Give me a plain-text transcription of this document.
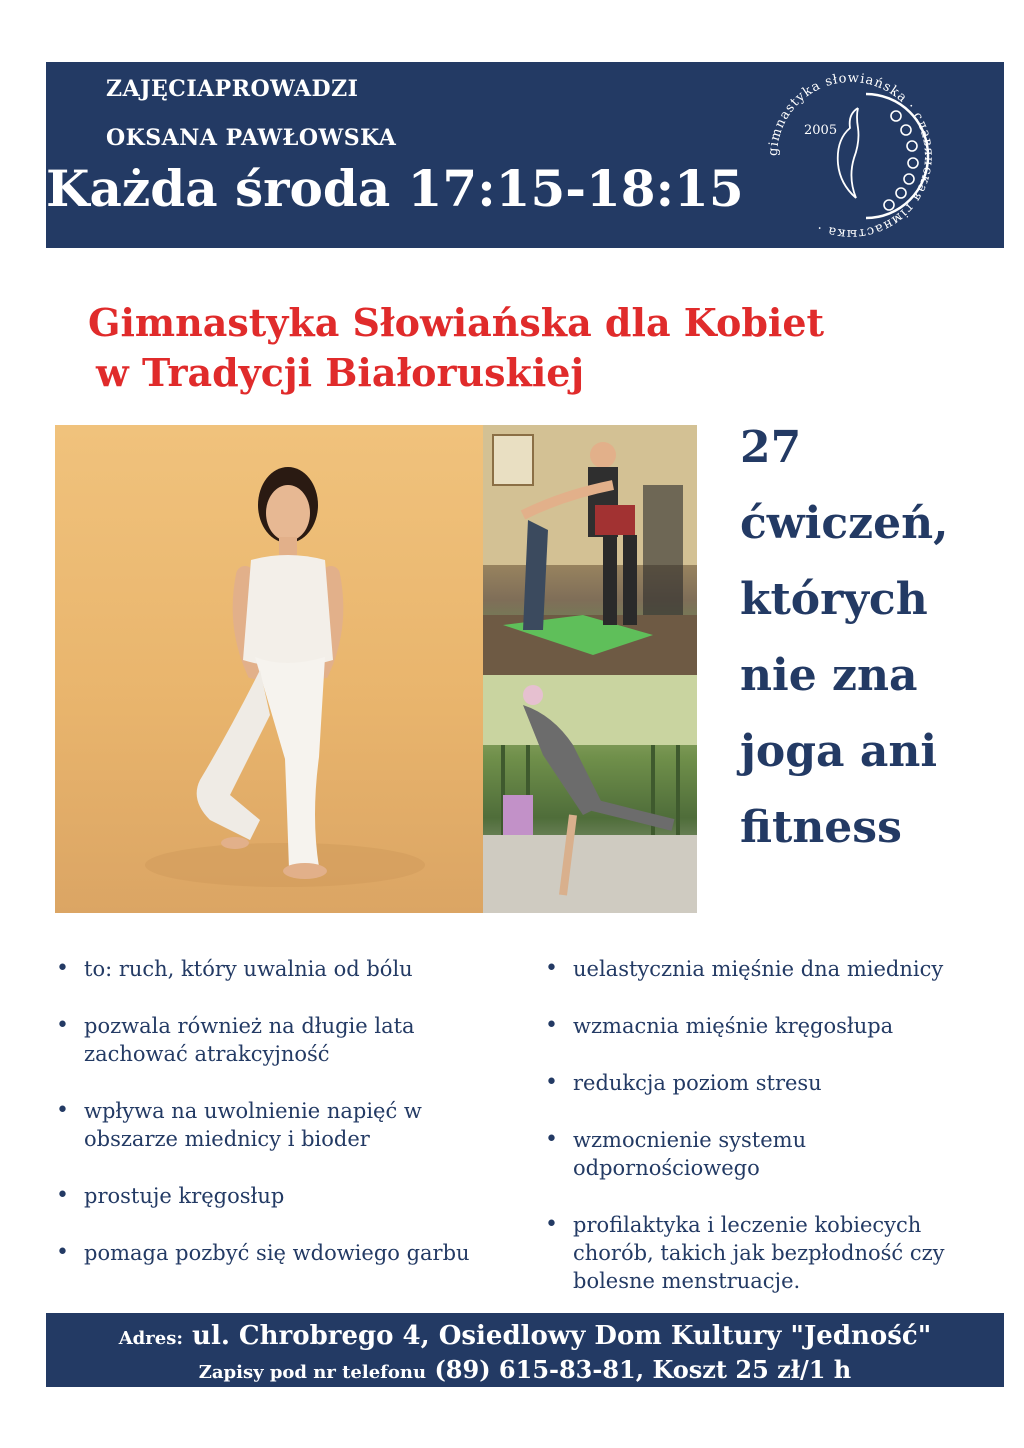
ZAJĘCIAPROWADZI
OKSANA PAWŁOWSKA
Każda środa 17:15-18:15
gimnastyka słowiańska · славянская гімнастыка ·
2005
Gimnastyka Słowiańska dla Kobiet
w Tradycji Białoruskiej
27
ćwiczeń,
których
nie zna
joga ani
fitness
• to: ruch, który uwalnia od bólu
• pozwala również na długie lata zachować atrakcyjność
• wpływa na uwolnienie napięć w obszarze miednicy i bioder
• prostuje kręgosłup
• pomaga pozbyć się wdowiego garbu
• uelastycznia mięśnie dna miednicy
• wzmacnia mięśnie kręgosłupa
• redukcja poziom stresu
• wzmocnienie systemu odpornościowego
• profilaktyka i leczenie kobiecych chorób, takich jak bezpłodność czy bolesne menstruacje.
Adres: ul. Chrobrego 4, Osiedlowy Dom Kultury "Jedność"
Zapisy pod nr telefonu (89) 615-83-81, Koszt 25 zł/1 h
